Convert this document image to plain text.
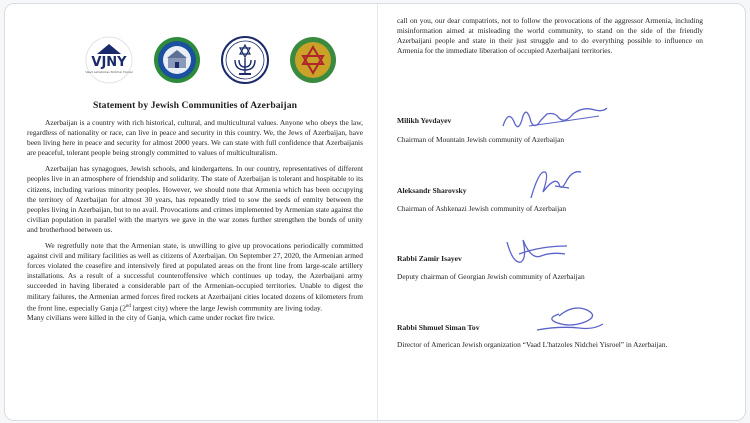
VJNY
Vaad Lehatzolas Nidchei Yisroel
Statement by Jewish Communities of Azerbaijan

Azerbaijan is a country with rich historical, cultural, and multicultural values. Anyone who obeys the law, regardless of nationality or race, can live in peace and security in this country. We, the Jews of Azerbaijan, have been living here in peace and security for almost 2000 years. We can state with full confidence that Azerbaijanis are peaceful, tolerant people being strongly committed to values of multiculturalism.

Azerbaijan has synagogues, Jewish schools, and kindergartens. In our country, representatives of different peoples live in an atmosphere of friendship and solidarity. The state of Azerbaijan is tolerant and hospitable to its citizens, including various minority peoples. However, we should note that Armenia which has been occupying the territory of Azerbaijan for almost 30 years, has repeatedly tried to sow the seeds of enmity between the peoples living in Azerbaijan, but to no avail. Provocations and crimes implemented by Armenian state against the civilian population in parallel with the martyrs we gave in the war zones further strengthen the bonds of unity and brotherhood between us.

We regretfully note that the Armenian state, is unwilling to give up provocations periodically committed against civil and military facilities as well as citizens of Azerbaijan. On September 27, 2020, the Armenian armed forces violated the ceasefire and intensively fired at populated areas on the front line from large-scale artillery installations. As a result of a successful counteroffensive which continues up today, the Azerbaijani army succeeded in having liberated a considerable part of the Armenian-occupied territories. Unable to digest the military failures, the Armenian armed forces fired rockets at Azerbaijani cities located dozens of kilometers from the front line, especially Ganja (2nd largest city) where the large Jewish community are living today.

Many civilians were killed in the city of Ganja, which came under rocket fire twice.

call on you, our dear compatriots, not to follow the provocations of the aggressor Armenia, including misinformation aimed at misleading the world community, to stand on the side of the friendly Azerbaijani people and state in their just struggle and to do everything possible to influence on Armenia for the immediate liberation of occupied Azerbaijani territories.
Milikh Yevdayev
Chairman of Mountain Jewish community of Azerbaijan
Aleksandr Sharovsky
Chairman of Ashkenazi Jewish community of Azerbaijan
Rabbi Zamir Isayev
Deputy chairman of Georgian Jewish community of Azerbaijan
Rabbi Shmuel Siman Tov
Director of American Jewish organization “Vaad L'hatzoles Nidchei Yisroel” in Azerbaijan.
